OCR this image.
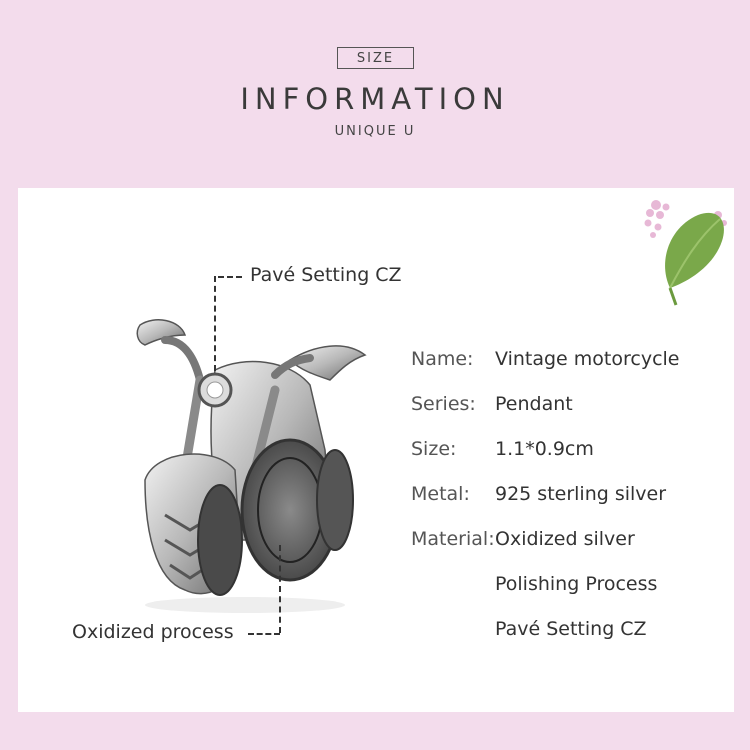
SIZE
INFORMATION
UNIQUE U
Pavé Setting CZ
Oxidized process
Name: Vintage motorcycle
Series: Pendant
Size: 1.1*0.9cm
Metal: 925 sterling silver
Material: Oxidized silver
Polishing Process
Pavé Setting CZ
